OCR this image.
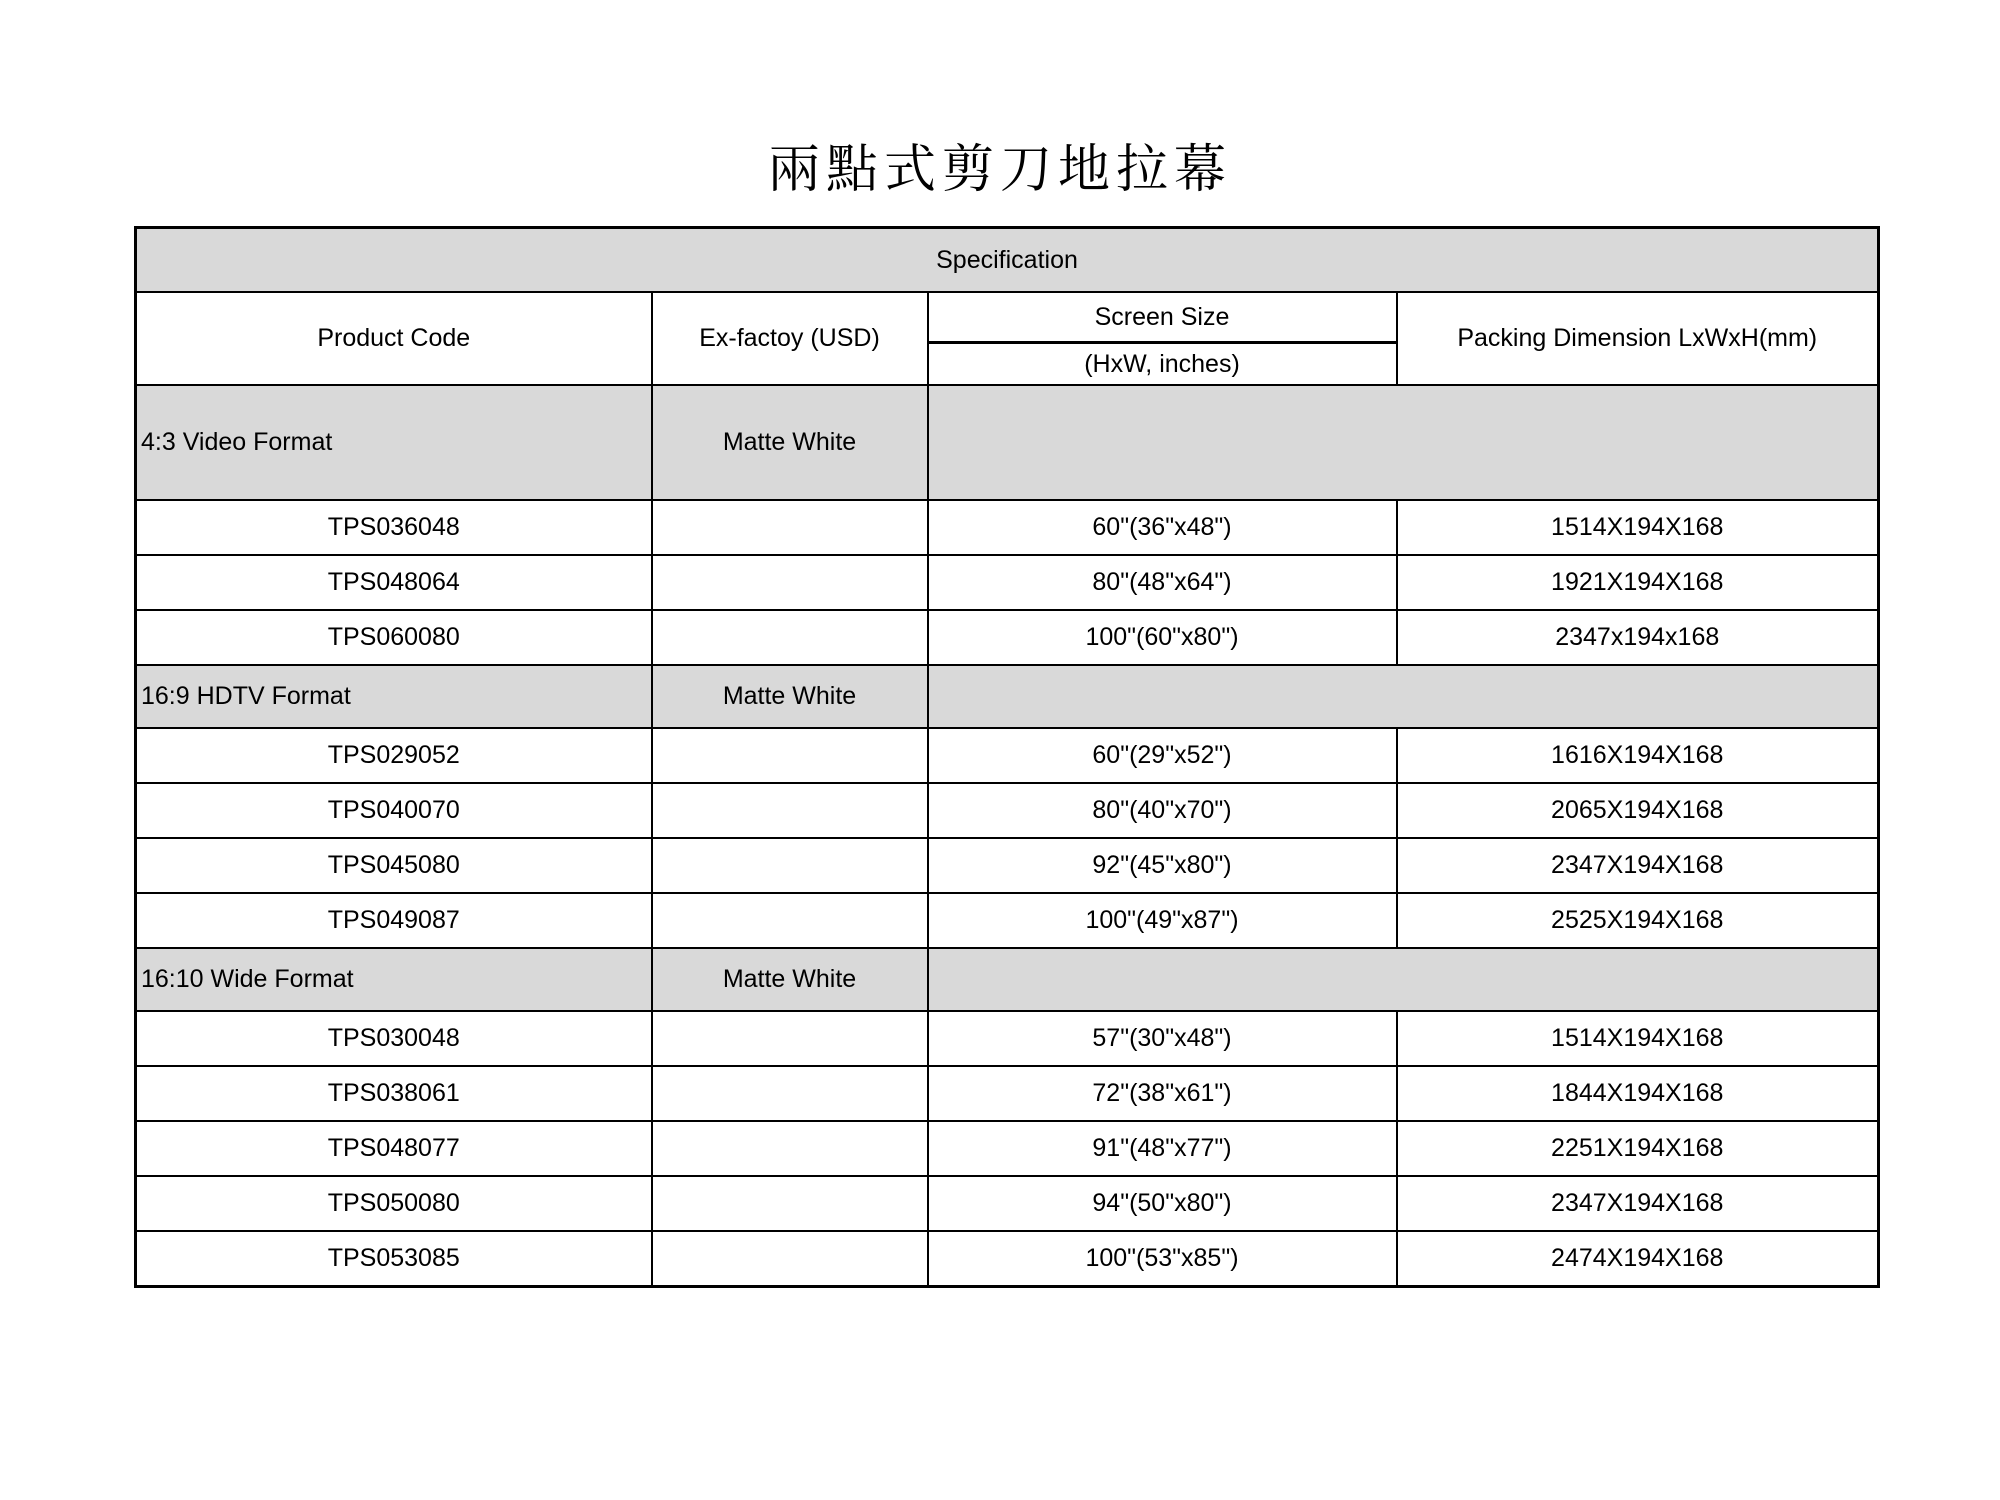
兩點式剪刀地拉幕
Specification			
Product Code	Ex-factoy (USD)	Screen Size	Packing Dimension LxWxH(mm)
		(HxW, inches)	
4:3 Video Format	Matte White		
TPS036048		60"(36"x48")	1514X194X168
TPS048064		80"(48"x64")	1921X194X168
TPS060080		100"(60"x80")	2347x194x168
16:9 HDTV Format	Matte White		
TPS029052		60"(29"x52")	1616X194X168
TPS040070		80"(40"x70")	2065X194X168
TPS045080		92"(45"x80")	2347X194X168
TPS049087		100"(49"x87")	2525X194X168
16:10 Wide Format	Matte White		
TPS030048		57"(30"x48")	1514X194X168
TPS038061		72"(38"x61")	1844X194X168
TPS048077		91"(48"x77")	2251X194X168
TPS050080		94"(50"x80")	2347X194X168
TPS053085		100"(53"x85")	2474X194X168
